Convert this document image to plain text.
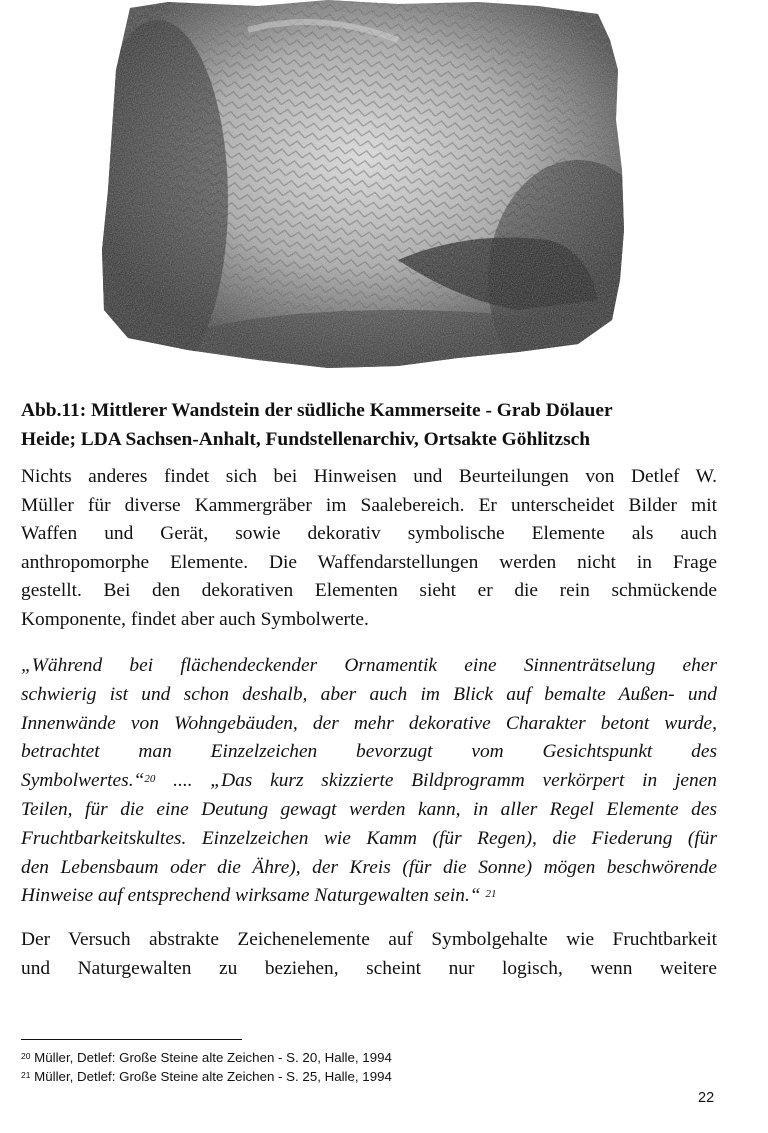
Abb.11: Mittlerer Wandstein der südliche Kammerseite - Grab Dölauer
Heide; LDA Sachsen-Anhalt, Fundstellenarchiv, Ortsakte Göhlitzsch

Nichts anderes findet sich bei Hinweisen und Beurteilungen von Detlef W.
Müller für diverse Kammergräber im Saalebereich. Er unterscheidet Bilder mit
Waffen und Gerät, sowie dekorativ symbolische Elemente als auch
anthropomorphe Elemente. Die Waffendarstellungen werden nicht in Frage
gestellt. Bei den dekorativen Elementen sieht er die rein schmückende
Komponente, findet aber auch Symbolwerte.

„Während bei flächendeckender Ornamentik eine Sinnenträtselung eher
schwierig ist und schon deshalb, aber auch im Blick auf bemalte Außen- und
Innenwände von Wohngebäuden, der mehr dekorative Charakter betont wurde,
betrachtet man Einzelzeichen bevorzugt vom Gesichtspunkt des
Symbolwertes.“$^{20}$ .... „Das kurz skizzierte Bildprogramm verkörpert in jenen
Teilen, für die eine Deutung gewagt werden kann, in aller Regel Elemente des
Fruchtbarkeitskultes. Einzelzeichen wie Kamm (für Regen), die Fiederung (für
den Lebensbaum oder die Ähre), der Kreis (für die Sonne) mögen beschwörende
Hinweise auf entsprechend wirksame Naturgewalten sein.“ $^{21}$

Der Versuch abstrakte Zeichenelemente auf Symbolgehalte wie Fruchtbarkeit
und Naturgewalten zu beziehen, scheint nur logisch, wenn weitere

$^{20}$ Müller, Detlef: Große Steine alte Zeichen - S. 20, Halle, 1994
$^{21}$ Müller, Detlef: Große Steine alte Zeichen - S. 25, Halle, 1994
22
